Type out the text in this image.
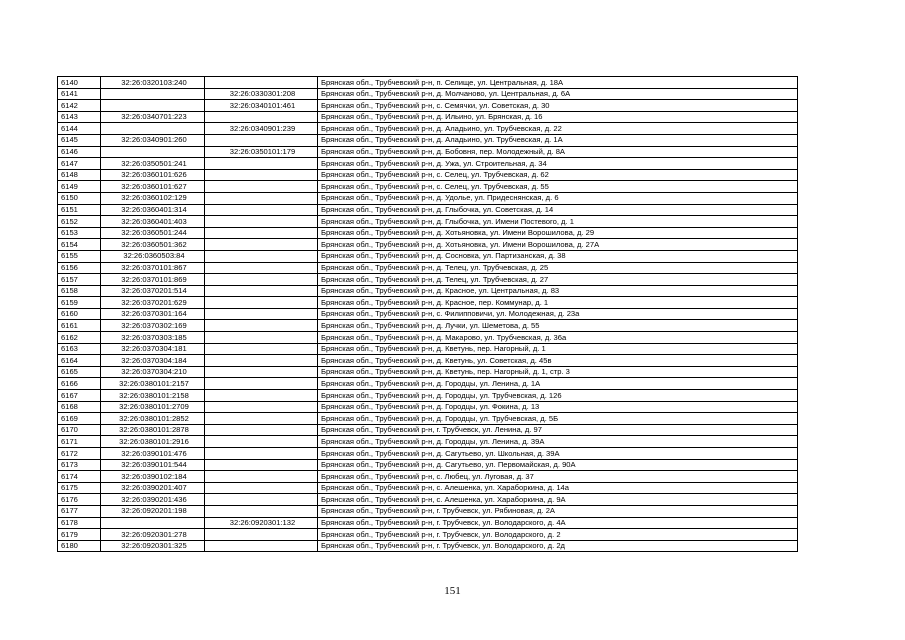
6140	32:26:0320103:240		Брянская обл., Трубчевский р-н, п. Селище, ул. Центральная, д. 18А
6141		32:26:0330301:208	Брянская обл., Трубчевский р-н, д. Молчаново, ул. Центральная, д. 6А
6142		32:26:0340101:461	Брянская обл., Трубчевский р-н, с. Семячки, ул. Советская, д. 30
6143	32:26:0340701:223		Брянская обл., Трубчевский р-н, д. Ильино, ул. Брянская, д. 16
6144		32:26:0340901:239	Брянская обл., Трубчевский р-н, д. Аладьино, ул. Трубчевская, д. 22
6145	32:26:0340901:260		Брянская обл., Трубчевский р-н, д. Аладьино, ул. Трубчевская, д. 1А
6146		32:26:0350101:179	Брянская обл., Трубчевский р-н, д. Бобовня, пер. Молодежный, д. 8А
6147	32:26:0350501:241		Брянская обл., Трубчевский р-н, д. Ужа, ул. Строительная, д. 34
6148	32:26:0360101:626		Брянская обл., Трубчевский р-н, с. Селец, ул. Трубчевская, д. 62
6149	32:26:0360101:627		Брянская обл., Трубчевский р-н, с. Селец, ул. Трубчевская, д. 55
6150	32:26:0360102:129		Брянская обл., Трубчевский р-н, д. Удолье, ул. Придеснянская, д. 6
6151	32:26:0360401:314		Брянская обл., Трубчевский р-н, д. Глыбочка, ул. Советская, д. 14
6152	32:26:0360401:403		Брянская обл., Трубчевский р-н, д. Глыбочка, ул. Имени Постевого, д. 1
6153	32:26:0360501:244		Брянская обл., Трубчевский р-н, д. Хотьяновка, ул. Имени Ворошилова, д. 29
6154	32:26:0360501:362		Брянская обл., Трубчевский р-н, д. Хотьяновка, ул. Имени Ворошилова, д. 27А
6155	32:26:0360503:84		Брянская обл., Трубчевский р-н, д. Сосновка, ул. Партизанская, д. 38
6156	32:26:0370101:867		Брянская обл., Трубчевский р-н, д. Телец, ул. Трубчевская, д. 25
6157	32:26:0370101:869		Брянская обл., Трубчевский р-н, д. Телец, ул. Трубчевская, д. 27
6158	32:26:0370201:514		Брянская обл., Трубчевский р-н, д. Красное, ул. Центральная, д. 83
6159	32:26:0370201:629		Брянская обл., Трубчевский р-н, д. Красное, пер. Коммунар, д. 1
6160	32:26:0370301:164		Брянская обл., Трубчевский р-н, с. Филипповичи, ул. Молодежная, д. 23а
6161	32:26:0370302:169		Брянская обл., Трубчевский р-н, д. Лучки, ул. Шеметова, д. 55
6162	32:26:0370303:185		Брянская обл., Трубчевский р-н, д. Макарово, ул. Трубчевская, д. 36а
6163	32:26:0370304:181		Брянская обл., Трубчевский р-н, д. Кветунь, пер. Нагорный, д. 1
6164	32:26:0370304:184		Брянская обл., Трубчевский р-н, д. Кветунь, ул. Советская, д. 45в
6165	32:26:0370304:210		Брянская обл., Трубчевский р-н, д. Кветунь, пер. Нагорный, д. 1, стр. 3
6166	32:26:0380101:2157		Брянская обл., Трубчевский р-н, д. Городцы, ул. Ленина, д. 1А
6167	32:26:0380101:2158		Брянская обл., Трубчевский р-н, д. Городцы, ул. Трубчевская, д. 126
6168	32:26:0380101:2709		Брянская обл., Трубчевский р-н, д. Городцы, ул. Фокина, д. 13
6169	32:26:0380101:2852		Брянская обл., Трубчевский р-н, д. Городцы, ул. Трубчевская, д. 5Б
6170	32:26:0380101:2878		Брянская обл., Трубчевский р-н, г. Трубчевск, ул. Ленина, д. 97
6171	32:26:0380101:2916		Брянская обл., Трубчевский р-н, д. Городцы, ул. Ленина, д. 39А
6172	32:26:0390101:476		Брянская обл., Трубчевский р-н, д. Сагутьево, ул. Школьная, д. 39А
6173	32:26:0390101:544		Брянская обл., Трубчевский р-н, д. Сагутьево, ул. Первомайская, д. 90А
6174	32:26:0390102:184		Брянская обл., Трубчевский р-н, с. Любец, ул. Луговая, д. 37
6175	32:26:0390201:407		Брянская обл., Трубчевский р-н, с. Алешенка, ул. Хараборкина, д. 14а
6176	32:26:0390201:436		Брянская обл., Трубчевский р-н, с. Алешенка, ул. Хараборкина, д. 9А
6177	32:26:0920201:198		Брянская обл., Трубчевский р-н, г. Трубчевск, ул. Рябиновая, д. 2А
6178		32:26:0920301:132	Брянская обл., Трубчевский р-н, г. Трубчевск, ул. Володарского, д. 4А
6179	32:26:0920301:278		Брянская обл., Трубчевский р-н, г. Трубчевск, ул. Володарского, д. 2
6180	32:26:0920301:325		Брянская обл., Трубчевский р-н, г. Трубчевск, ул. Володарского, д. 2д
151
